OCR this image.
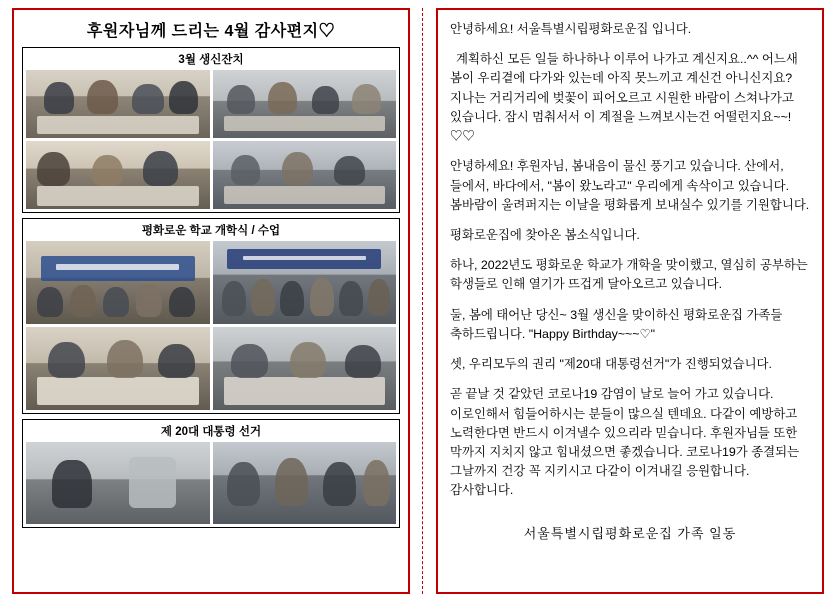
후원자님께 드리는 4월 감사편지♡
3월 생신잔치
평화로운 학교 개학식 / 수업
제 20대 대통령 선거

안녕하세요! 서울특별시립평화로운집 입니다.

계획하신 모든 일들 하나하나 이루어 나가고 계신지요..^^ 어느새 봄이 우리곁에 다가와 있는데 아직 못느끼고 계신건 아니신지요? 지나는 거리거리에 벚꽃이 피어오르고 시원한 바람이 스쳐나가고 있습니다. 잠시 멈춰서서 이 계절을 느껴보시는건 어떨런지요~~! ♡♡

안녕하세요! 후원자님, 봄내음이 물신 풍기고 있습니다. 산에서, 들에서, 바다에서, "봄이 왔노라고" 우리에게 속삭이고 있습니다. 봄바람이 울려퍼지는 이날을 평화롭게 보내실수 있기를 기원합니다.

평화로운집에 찾아온 봄소식입니다.

하나, 2022년도 평화로운 학교가 개학을 맞이했고, 열심히 공부하는 학생들로 인해 열기가 뜨겁게 달아오르고 있습니다.

둘, 봄에 태어난 당신~ 3월 생신을 맞이하신 평화로운집 가족들 축하드립니다. "Happy Birthday~~~♡"

셋, 우리모두의 권리 "제20대 대통령선거"가 진행되었습니다.

곧 끝날 것 같았던 코로나19 감염이 날로 늘어 가고 있습니다. 이로인해서 힘들어하시는 분들이 많으실 텐데요. 다같이 예방하고 노력한다면 반드시 이겨낼수 있으리라 믿습니다. 후원자님들 또한 막까지 지치지 않고 힘내셨으면 좋겠습니다. 코로나19가 종결되는 그날까지 건강 꼭 지키시고 다같이 이겨내길 응원합니다. 감사합니다.

서울특별시립평화로운집 가족 일동
